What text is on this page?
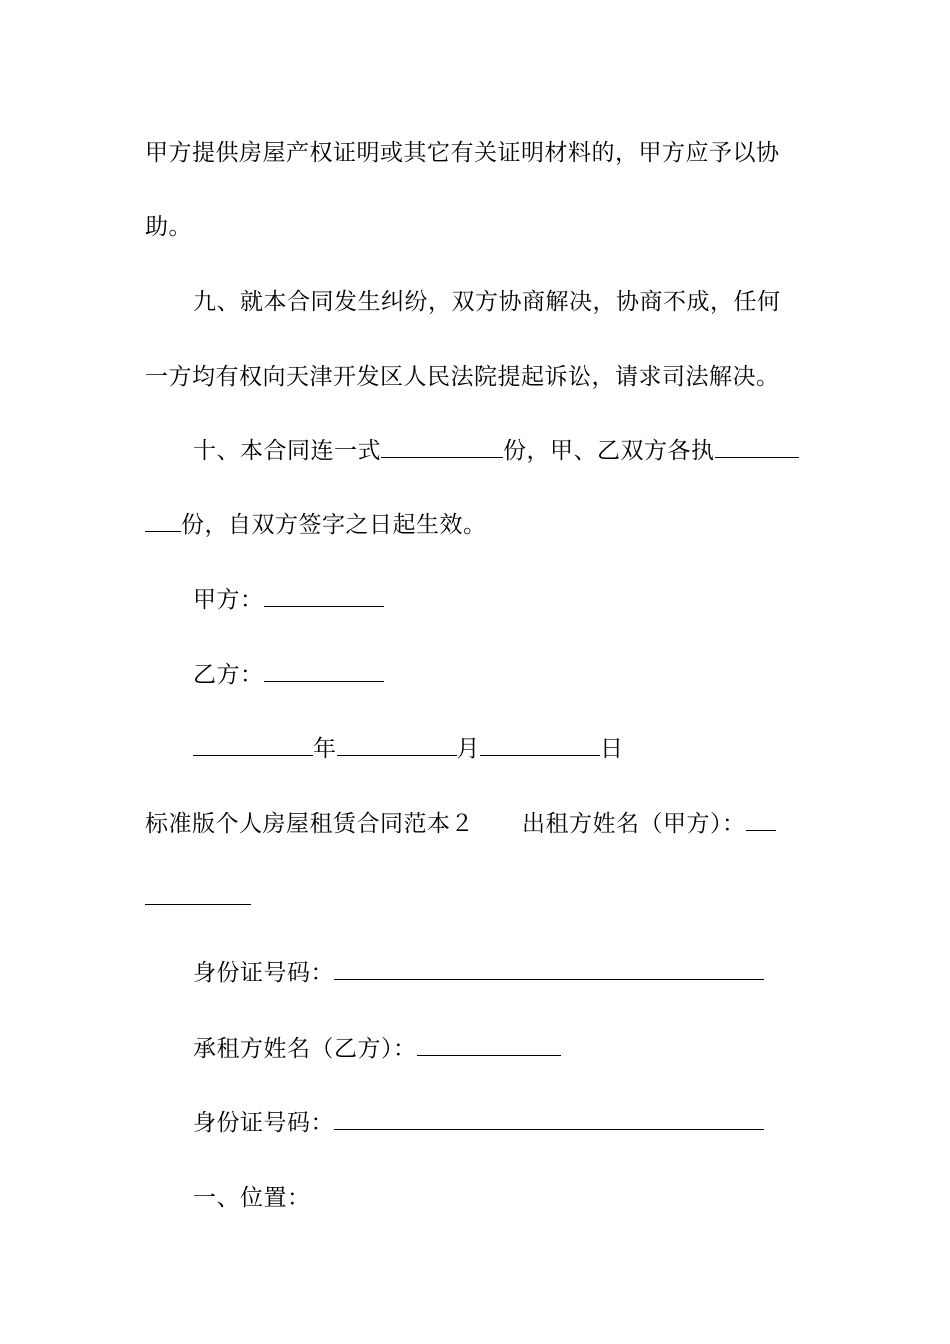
甲方提供房屋产权证明或其它有关证明材料的，甲方应予以协
助。
九、就本合同发生纠纷，双方协商解决，协商不成，任何
一方均有权向天津开发区人民法院提起诉讼，请求司法解决。
十、本合同连一式	份，甲、乙双方各执
份，自双方签字之日起生效。
甲方：
乙方：
年	月	日
标准版个人房屋租赁合同范本２ 出租方姓名（甲方）：
身份证号码：
承租方姓名（乙方）：
身份证号码：
一、位置：
